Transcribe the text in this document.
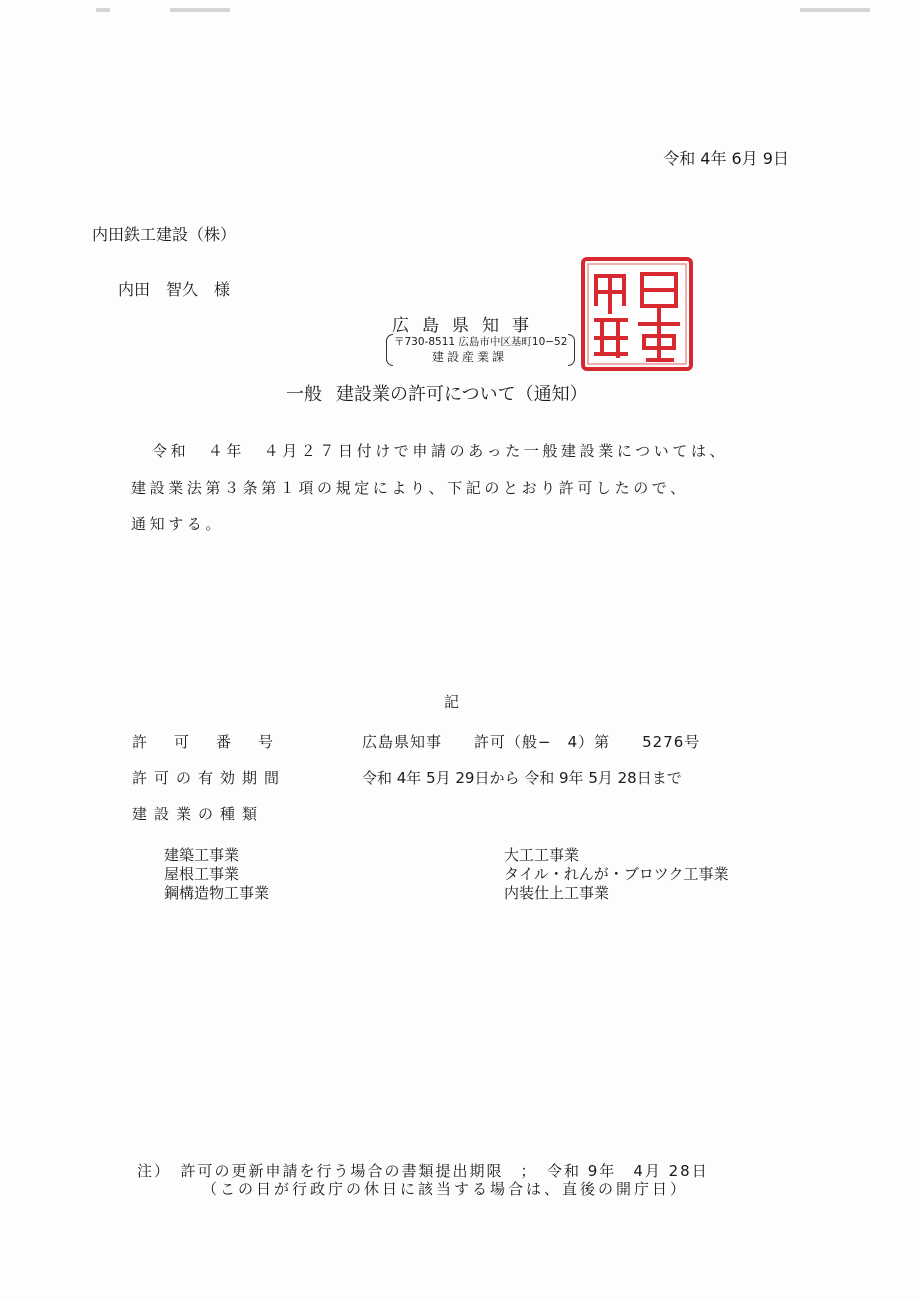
令和 4年 6月 9日
内田鉄工建設（株）
内田　智久　様
広島県知事
〒730-8511 広島市中区基町10−52
建設産業課
一般 建設業の許可について（通知）
令和　４年　４月２７日付けで申請のあった一般建設業については、
建設業法第３条第１項の規定により、下記のとおり許可したので、
通知する。
記
許可番号	広島県知事　　許可（般−　4）第　　5276号
許可の有効期間	令和 4年 5月 29日から 令和 9年 5月 28日まで
建設業の種類
建築工事業
屋根工事業
鋼構造物工事業
大工工事業
タイル・れんが・ブロツク工事業
内装仕上工事業
注）　許可の更新申請を行う場合の書類提出期限　；　令和 9年　4月 28日
（この日が行政庁の休日に該当する場合は、直後の開庁日）
